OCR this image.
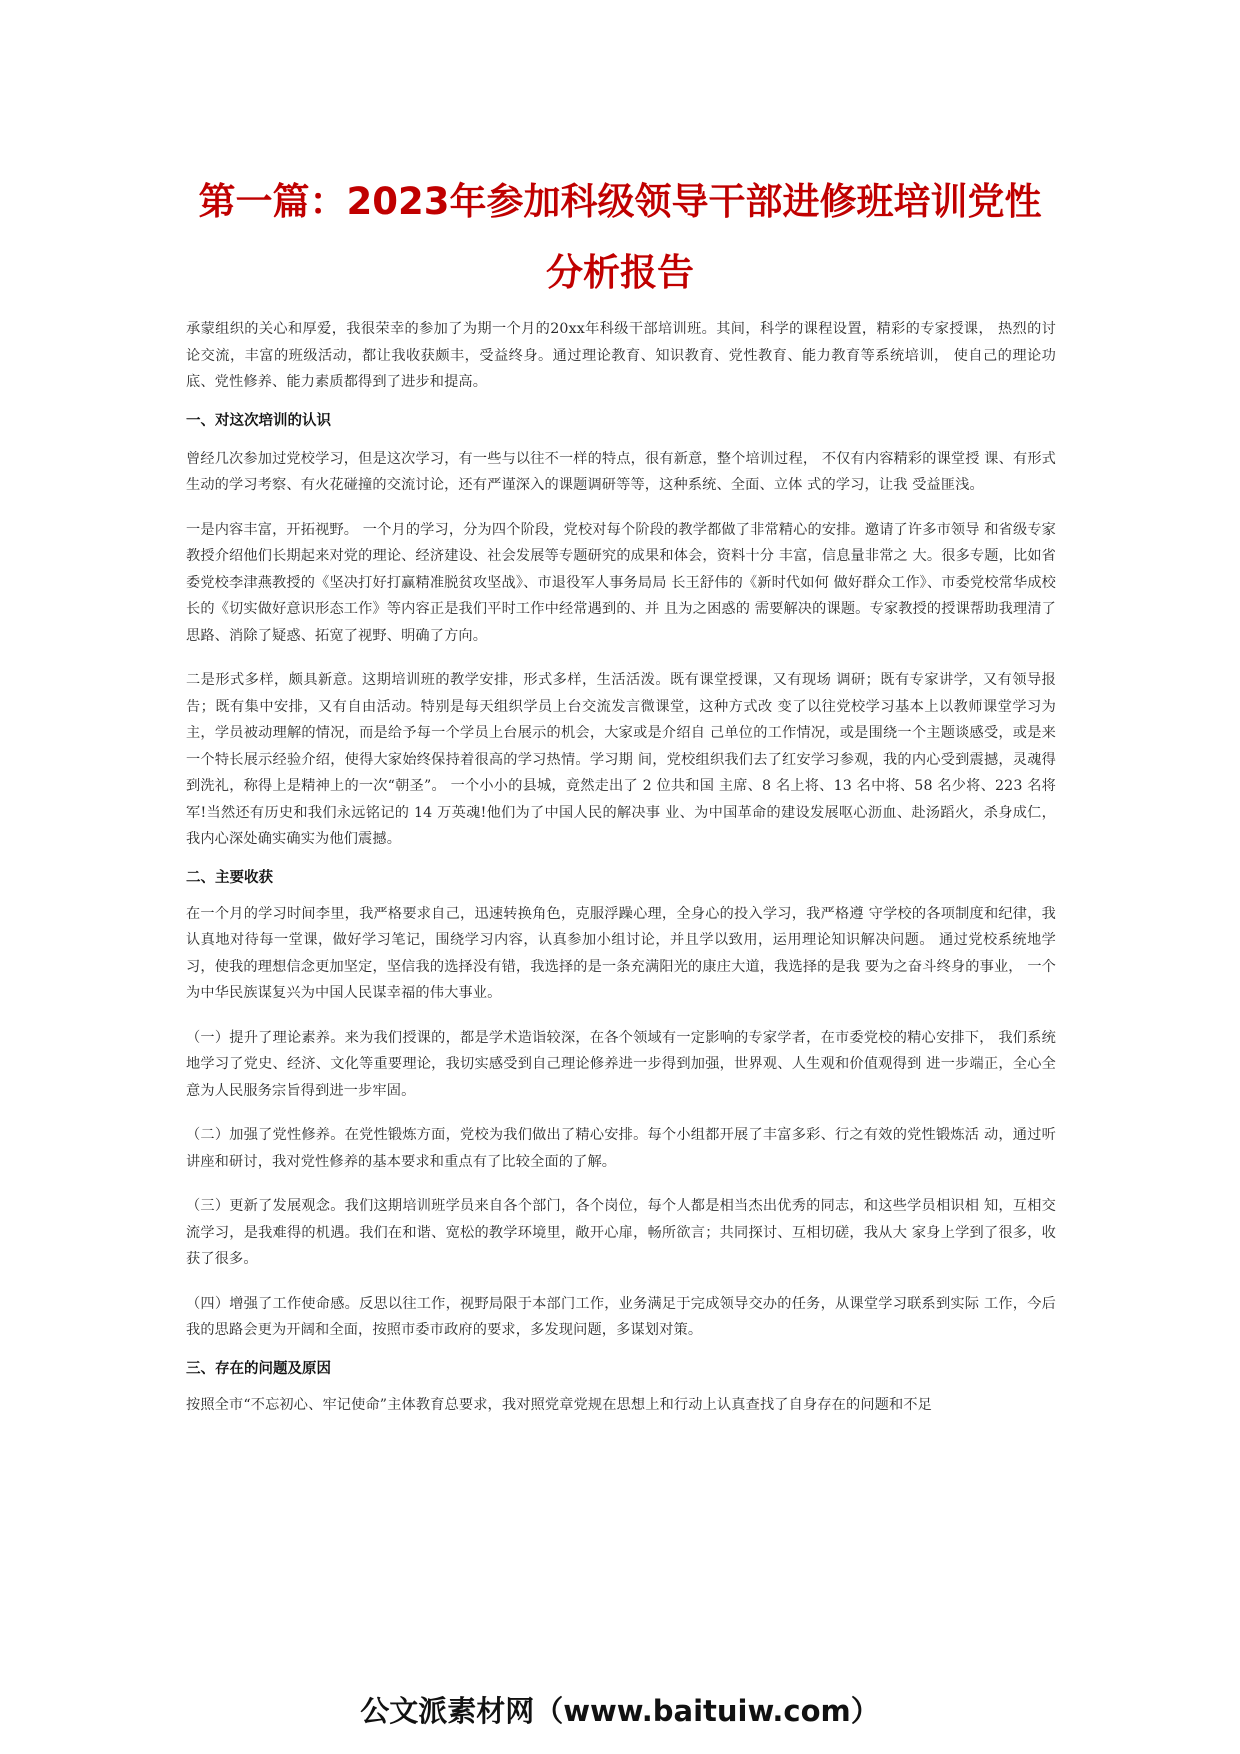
第一篇：2023年参加科级领导干部进修班培训党性
分析报告

承蒙组织的关心和厚爱，我很荣幸的参加了为期一个月的20xx年科级干部培训班。其间，科学的课程设置，精彩的专家授课， 热烈的讨论交流，丰富的班级活动，都让我收获颇丰，受益终身。通过理论教育、知识教育、党性教育、能力教育等系统培训， 使自己的理论功底、党性修养、能力素质都得到了进步和提高。

一、对这次培训的认识

曾经几次参加过党校学习，但是这次学习，有一些与以往不一样的特点，很有新意，整个培训过程， 不仅有内容精彩的课堂授 课、有形式生动的学习考察、有火花碰撞的交流讨论，还有严谨深入的课题调研等等，这种系统、全面、立体 式的学习，让我 受益匪浅。

一是内容丰富，开拓视野。 一个月的学习，分为四个阶段，党校对每个阶段的教学都做了非常精心的安排。邀请了许多市领导 和省级专家教授介绍他们长期起来对党的理论、经济建设、社会发展等专题研究的成果和体会，资料十分 丰富，信息量非常之 大。很多专题，比如省委党校李津燕教授的《坚决打好打赢精准脱贫攻坚战》、市退役军人事务局局 长王舒伟的《新时代如何 做好群众工作》、市委党校常华成校长的《切实做好意识形态工作》等内容正是我们平时工作中经常遇到的、并 且为之困惑的 需要解决的课题。专家教授的授课帮助我理清了思路、消除了疑惑、拓宽了视野、明确了方向。

二是形式多样，颇具新意。这期培训班的教学安排，形式多样，生活活泼。既有课堂授课，又有现场 调研；既有专家讲学，又有领导报告；既有集中安排，又有自由活动。特别是每天组织学员上台交流发言微课堂，这种方式改 变了以往党校学习基本上以教师课堂学习为主，学员被动理解的情况，而是给予每一个学员上台展示的机会，大家或是介绍自 己单位的工作情况，或是围绕一个主题谈感受，或是来一个特长展示经验介绍，使得大家始终保持着很高的学习热情。学习期 间，党校组织我们去了红安学习参观，我的内心受到震撼，灵魂得到洗礼，称得上是精神上的一次“朝圣”。 一个小小的县城，竟然走出了 2 位共和国 主席、8 名上将、13 名中将、58 名少将、223 名将军!当然还有历史和我们永远铭记的 14 万英魂!他们为了中国人民的解决事 业、为中国革命的建设发展呕心沥血、赴汤蹈火，杀身成仁，我内心深处确实确实为他们震撼。

二、主要收获

在一个月的学习时间李里，我严格要求自己，迅速转换角色，克服浮躁心理，全身心的投入学习，我严格遵 守学校的各项制度和纪律，我认真地对待每一堂课，做好学习笔记，围绕学习内容，认真参加小组讨论，并且学以致用，运用理论知识解决问题。 通过党校系统地学习，使我的理想信念更加坚定，坚信我的选择没有错，我选择的是一条充满阳光的康庄大道，我选择的是我 要为之奋斗终身的事业， 一个为中华民族谋复兴为中国人民谋幸福的伟大事业。

（一）提升了理论素养。来为我们授课的，都是学术造诣较深，在各个领域有一定影响的专家学者，在市委党校的精心安排下， 我们系统地学习了党史、经济、文化等重要理论，我切实感受到自己理论修养进一步得到加强，世界观、人生观和价值观得到 进一步端正，全心全意为人民服务宗旨得到进一步牢固。

（二）加强了党性修养。在党性锻炼方面，党校为我们做出了精心安排。每个小组都开展了丰富多彩、行之有效的党性锻炼活 动，通过听讲座和研讨，我对党性修养的基本要求和重点有了比较全面的了解。

（三）更新了发展观念。我们这期培训班学员来自各个部门，各个岗位，每个人都是相当杰出优秀的同志，和这些学员相识相 知，互相交流学习，是我难得的机遇。我们在和谐、宽松的教学环境里，敞开心扉，畅所欲言；共同探讨、互相切磋，我从大 家身上学到了很多，收获了很多。

（四）增强了工作使命感。反思以往工作，视野局限于本部门工作，业务满足于完成领导交办的任务，从课堂学习联系到实际 工作，今后我的思路会更为开阔和全面，按照市委市政府的要求，多发现问题，多谋划对策。

三、存在的问题及原因

按照全市“不忘初心、牢记使命”主体教育总要求，我对照党章党规在思想上和行动上认真查找了自身存在的问题和不足

公文派素材网（www.baituiw.com）
